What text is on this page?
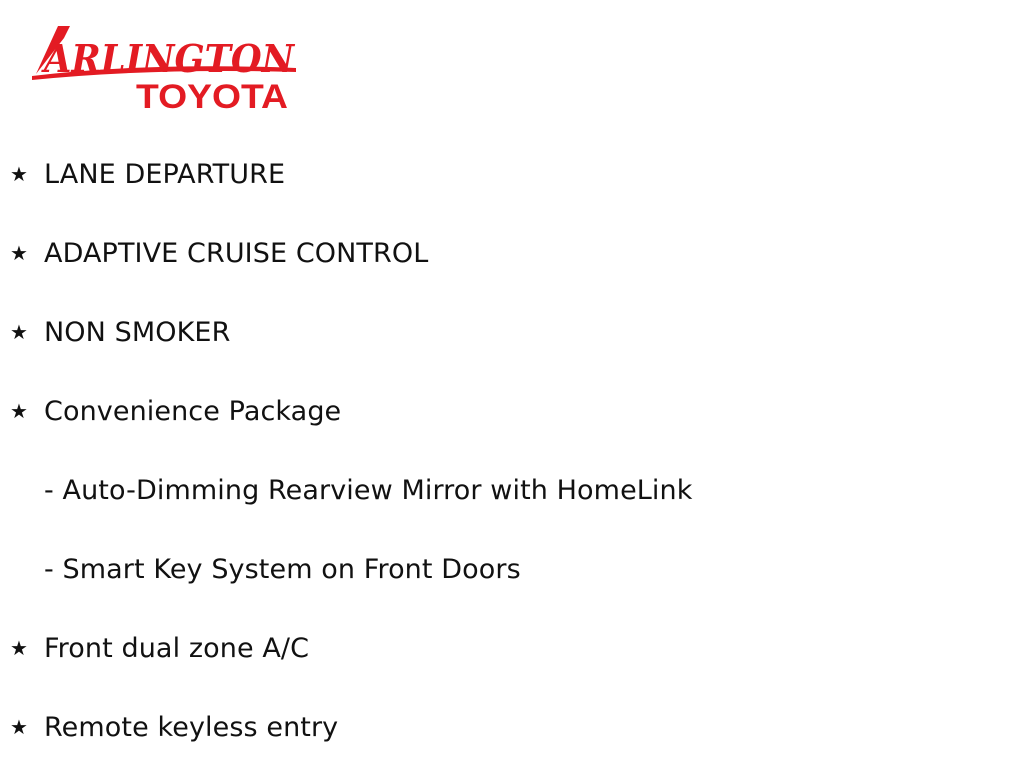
ARLINGTON
TOYOTA
★ LANE DEPARTURE
★ ADAPTIVE CRUISE CONTROL
★ NON SMOKER
★ Convenience Package
- Auto-Dimming Rearview Mirror with HomeLink
- Smart Key System on Front Doors
★ Front dual zone A/C
★ Remote keyless entry
